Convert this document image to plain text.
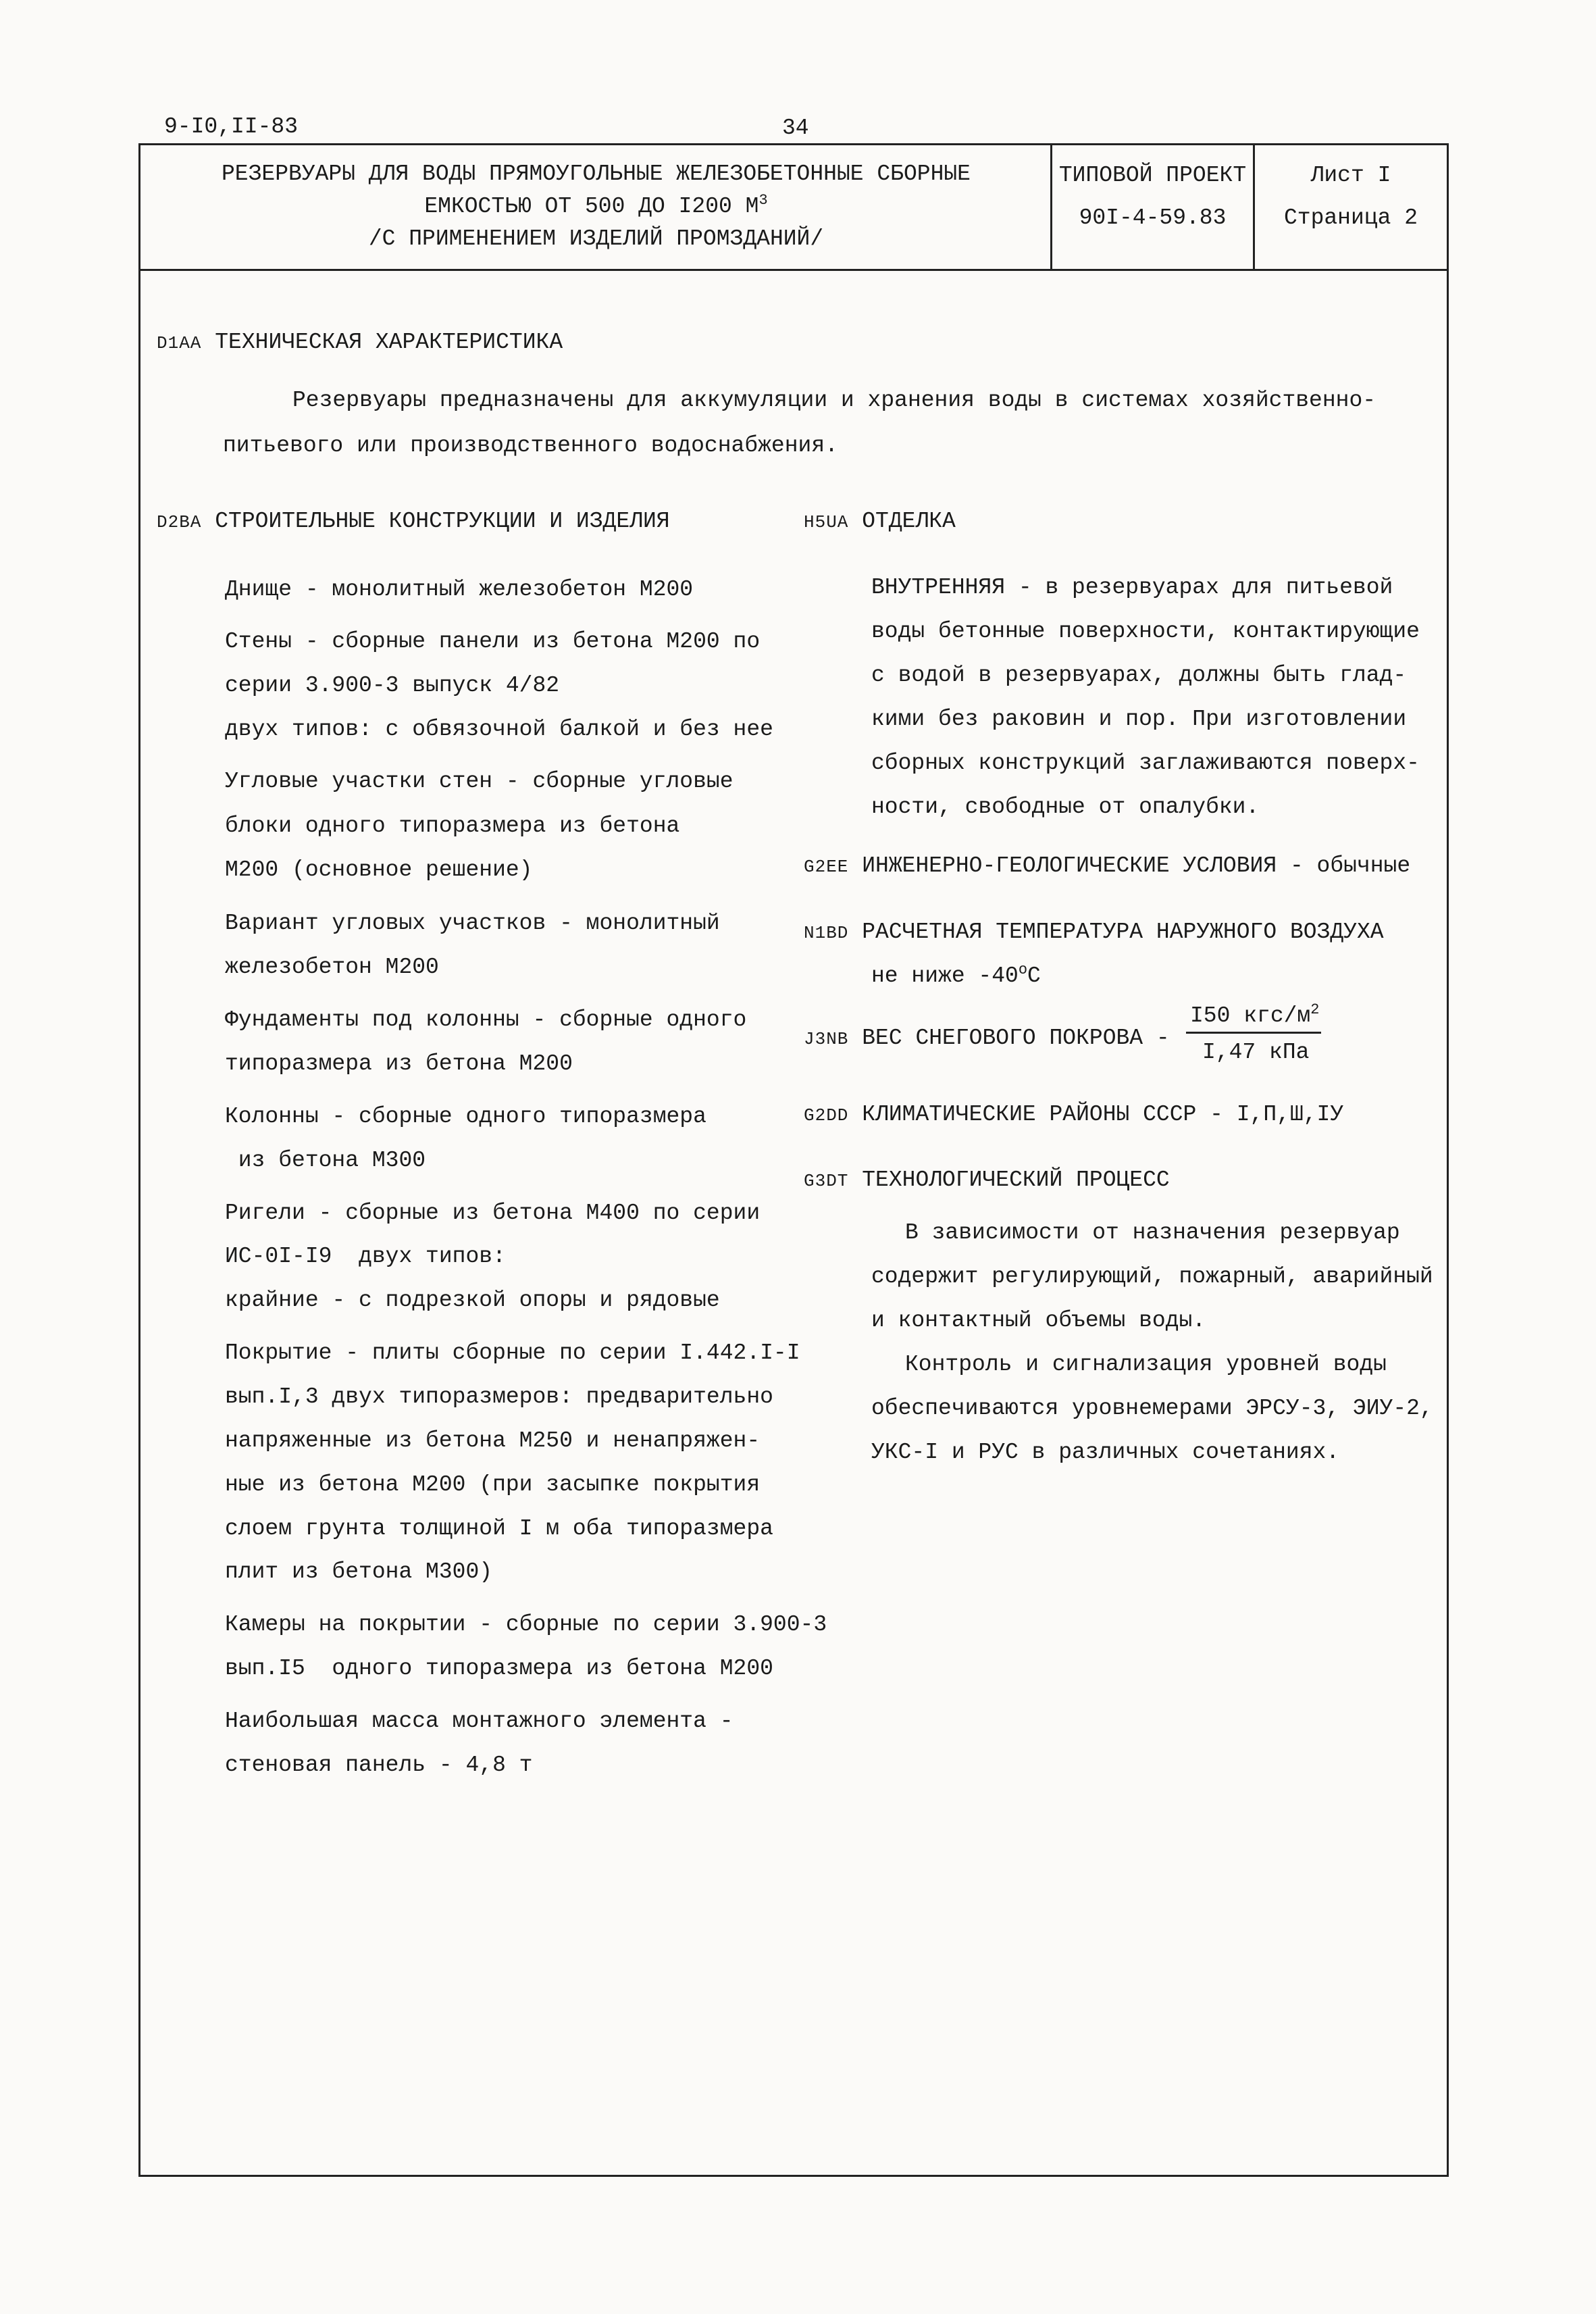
9-I0,II-83	34
РЕЗЕРВУАРЫ ДЛЯ ВОДЫ ПРЯМОУГОЛЬНЫЕ ЖЕЛЕЗОБЕТОННЫЕ СБОРНЫЕ
ЕМКОСТЬЮ ОТ 500 ДО I200 $М^3$
/С ПРИМЕНЕНИЕМ ИЗДЕЛИЙ ПРОМЗДАНИЙ/
ТИПОВОЙ ПРОЕКТ
90I-4-59.83
Лист I
Страница 2
D1AA ТЕХНИЧЕСКАЯ ХАРАКТЕРИСТИКА
Резервуары предназначены для аккумуляции и хранения воды в системах хозяйственно-
питьевого или производственного водоснабжения.
D2BA СТРОИТЕЛЬНЫЕ КОНСТРУКЦИИ И ИЗДЕЛИЯ
Днище - монолитный железобетон М200
Стены - сборные панели из бетона М200 по
серии 3.900-3 выпуск 4/82
двух типов: с обвязочной балкой и без нее
Угловые участки стен - сборные угловые
блоки одного типоразмера из бетона
М200 (основное решение)
Вариант угловых участков - монолитный
железобетон М200
Фундаменты под колонны - сборные одного
типоразмера из бетона М200
Колонны - сборные одного типоразмера
из бетона М300
Ригели - сборные из бетона М400 по серии
ИС-0I-I9  двух типов:
крайние - с подрезкой опоры и рядовые
Покрытие - плиты сборные по серии I.442.I-I
вып.I,3 двух типоразмеров: предварительно
напряженные из бетона М250 и ненапряжен-
ные из бетона М200 (при засыпке покрытия
слоем грунта толщиной I м оба типоразмера
плит из бетона М300)
Камеры на покрытии - сборные по серии 3.900-3
вып.I5  одного типоразмера из бетона М200
Наибольшая масса монтажного элемента -
стеновая панель - 4,8 т
H5UA ОТДЕЛКА
ВНУТРЕННЯЯ - в резервуарах для питьевой
воды бетонные поверхности, контактирующие
с водой в резервуарах, должны быть глад-
кими без раковин и пор. При изготовлении
сборных конструкций заглаживаются поверх-
ности, свободные от опалубки.
G2EE ИНЖЕНЕРНО-ГЕОЛОГИЧЕСКИЕ УСЛОВИЯ - обычные
N1BD РАСЧЕТНАЯ ТЕМПЕРАТУРА НАРУЖНОГО ВОЗДУХА
не ниже $-40^оС$
J3NB ВЕС СНЕГОВОГО ПОКРОВА -
I50 кгс/$м^2$
I,47 кПа
G2DD КЛИМАТИЧЕСКИЕ РАЙОНЫ СССР - I,П,Ш,IУ
G3DT ТЕХНОЛОГИЧЕСКИЙ ПРОЦЕСС
В зависимости от назначения резервуар
содержит регулирующий, пожарный, аварийный
и контактный объемы воды.
Контроль и сигнализация уровней воды
обеспечиваются уровнемерами ЭРСУ-3, ЭИУ-2,
УКС-I и РУС в различных сочетаниях.
